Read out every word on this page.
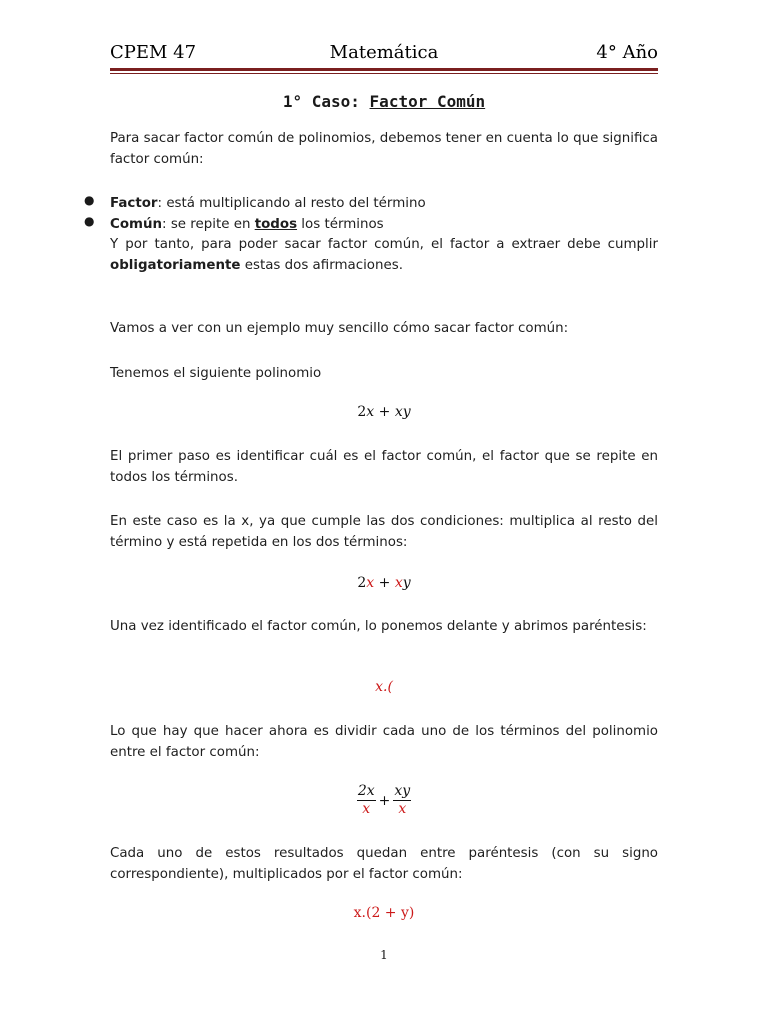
CPEM 47	Matemática	4° Año
1° Caso: Factor Común
Para sacar factor común de polinomios, debemos tener en cuenta lo que significa factor común:
● Factor: está multiplicando al resto del término
● Común: se repite en todos los términos
Y por tanto, para poder sacar factor común, el factor a extraer debe cumplir obligatoriamente estas dos afirmaciones.
Vamos a ver con un ejemplo muy sencillo cómo sacar factor común:
Tenemos el siguiente polinomio
2x + xy
El primer paso es identificar cuál es el factor común, el factor que se repite en todos los términos.
En este caso es la x, ya que cumple las dos condiciones: multiplica al resto del término y está repetida en los dos términos:
2x + xy
Una vez identificado el factor común, lo ponemos delante y abrimos paréntesis:
x.(
Lo que hay que hacer ahora es dividir cada uno de los términos del polinomio entre el factor común:
$\frac{2x}{x} + \frac{xy}{x}$
Cada uno de estos resultados quedan entre paréntesis (con su signo correspondiente), multiplicados por el factor común:
x.(2 + y)
1
